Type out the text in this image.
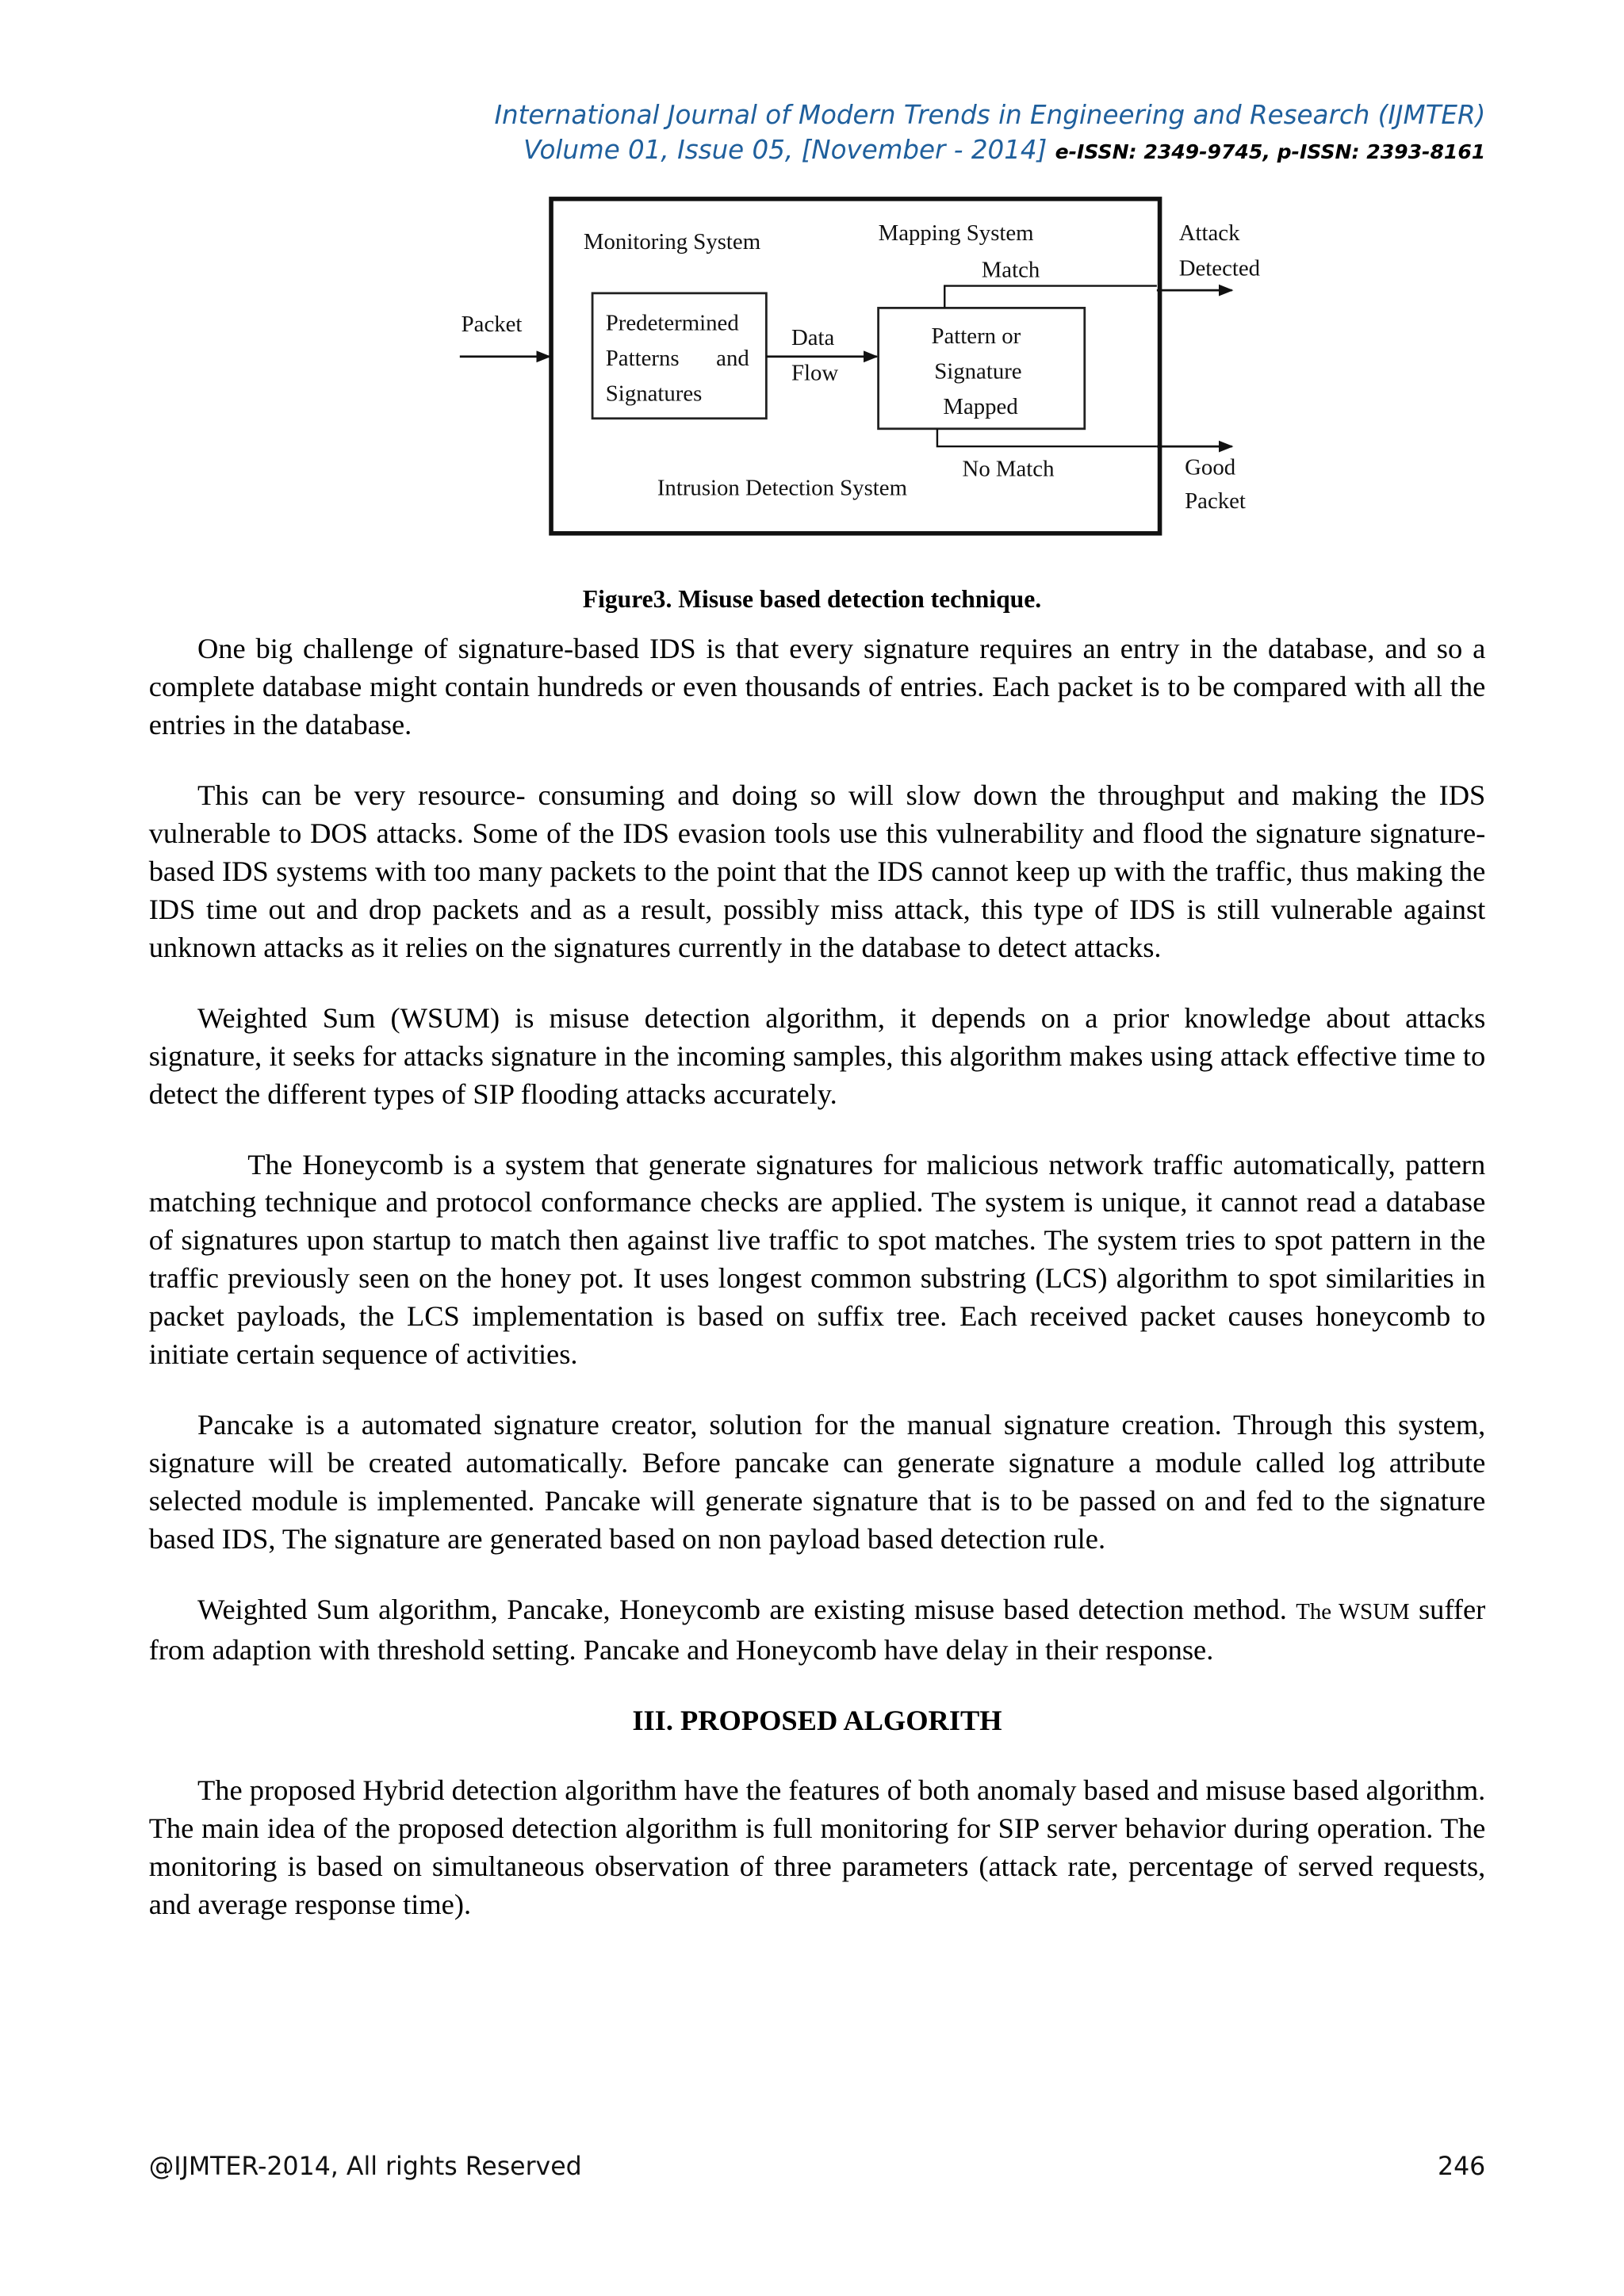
International Journal of Modern Trends in Engineering and Research (IJMTER)
Volume 01, Issue 05, [November - 2014] e-ISSN: 2349-9745, p-ISSN: 2393-8161
Packet
Monitoring System	Mapping System
Match
Predetermined
Patterns	and
Signatures
Data
Flow
Pattern or
Signature
Mapped
Attack
Detected
No Match	Good
Packet
Intrusion Detection System
Figure3. Misuse based detection technique.

One big challenge of signature-based IDS is that every signature requires an entry in the database, and so a complete database might contain hundreds or even thousands of entries. Each packet is to be compared with all the entries in the database.

This can be very resource- consuming and doing so will slow down the throughput and making the IDS vulnerable to DOS attacks. Some of the IDS evasion tools use this vulnerability and flood the signature signature-based IDS systems with too many packets to the point that the IDS cannot keep up with the traffic, thus making the IDS time out and drop packets and as a result, possibly miss attack, this type of IDS is still vulnerable against unknown attacks as it relies on the signatures currently in the database to detect attacks.

Weighted Sum (WSUM) is misuse detection algorithm, it depends on a prior knowledge about attacks signature, it seeks for attacks signature in the incoming samples, this algorithm makes using attack effective time to detect the different types of SIP flooding attacks accurately.

The Honeycomb is a system that generate signatures for malicious network traffic automatically, pattern matching technique and protocol conformance checks are applied. The system is unique, it cannot read a database of signatures upon startup to match then against live traffic to spot matches. The system tries to spot pattern in the traffic previously seen on the honey pot. It uses longest common substring (LCS) algorithm to spot similarities in packet payloads, the LCS implementation is based on suffix tree. Each received packet causes honeycomb to initiate certain sequence of activities.

Pancake is a automated signature creator, solution for the manual signature creation. Through this system, signature will be created automatically. Before pancake can generate signature a module called log attribute selected module is implemented. Pancake will generate signature that is to be passed on and fed to the signature based IDS, The signature are generated based on non payload based detection rule.

Weighted Sum algorithm, Pancake, Honeycomb are existing misuse based detection method. The WSUM suffer from adaption with threshold setting. Pancake and Honeycomb have delay in their response.

III. PROPOSED ALGORITH

The proposed Hybrid detection algorithm have the features of both anomaly based and misuse based algorithm. The main idea of the proposed detection algorithm is full monitoring for SIP server behavior during operation. The monitoring is based on simultaneous observation of three parameters (attack rate, percentage of served requests, and average response time).

@IJMTER-2014, All rights Reserved	246
